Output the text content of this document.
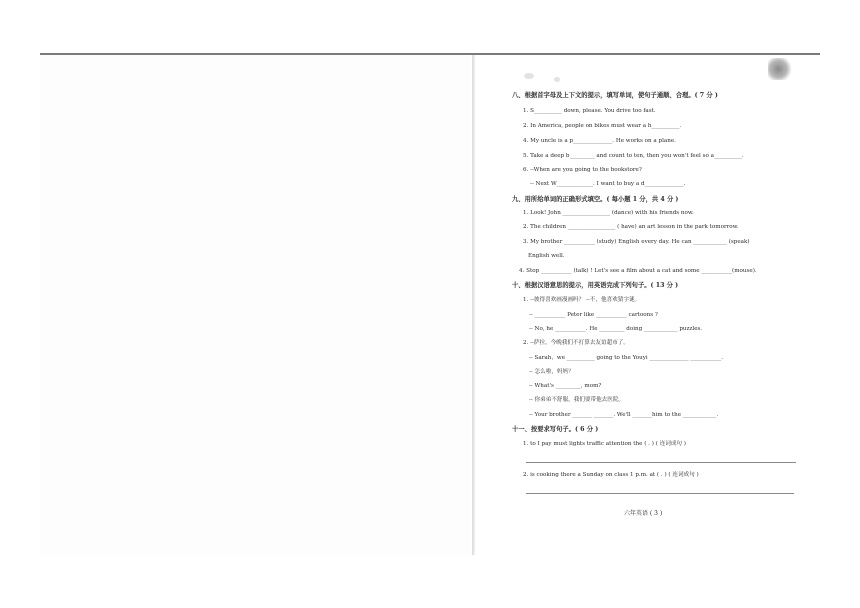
八、根据首字母及上下文的提示，填写单词，使句子通顺、合理。( 7 分 )
1. S__________ down, please. You drive too fast.
2. In America, people on bikes must wear a h__________.
4. My uncle is a p______________. He works on a plane.
5. Take a deep b_________ and count to ten, then you won't feel so a__________.
6. --When are you going to the bookstore?
-- Next W_____________. I want to buy a d______________.
九、用所给单词的正确形式填空。( 每小题 1 分，共 4 分 )
1. Look! John _________________ (dance) with his friends now.
2. The children _________________ ( have) an art lesson in the park tomorrow.
3. My brother ___________ (study) English every day. He can ____________ (speak)
English well.
4. Stop ___________ (talk) ! Let's see a film about a cat and some ___________(mouse).
十、根据汉语意思的提示，用英语完成下列句子。( 13 分 )
1. --彼得喜欢画漫画吗？ --不，他喜欢猜字谜。
-- ___________ Peter like ___________ cartoons ?
-- No, he ___________. He _________ doing ____________ puzzles.
2. --萨拉，今晚我们不打算去友谊超市了。
-- Sarah，we __________ going to the Youyi ______________ ___________.
-- 怎么啦，妈妈？
-- What's _________, mom?
-- 你弟弟不舒服，我们要带他去医院。
-- Your brother _______ _______. We'll _______him to the ____________.
十一、按要求写句子。( 6 分 )
1. to I pay must lights traffic attention the ( . ) ( 连词成句 )
2. is cooking there a Sunday on class 1 p.m. at ( . ) ( 连词成句 )
六年英语 ( 3 )
